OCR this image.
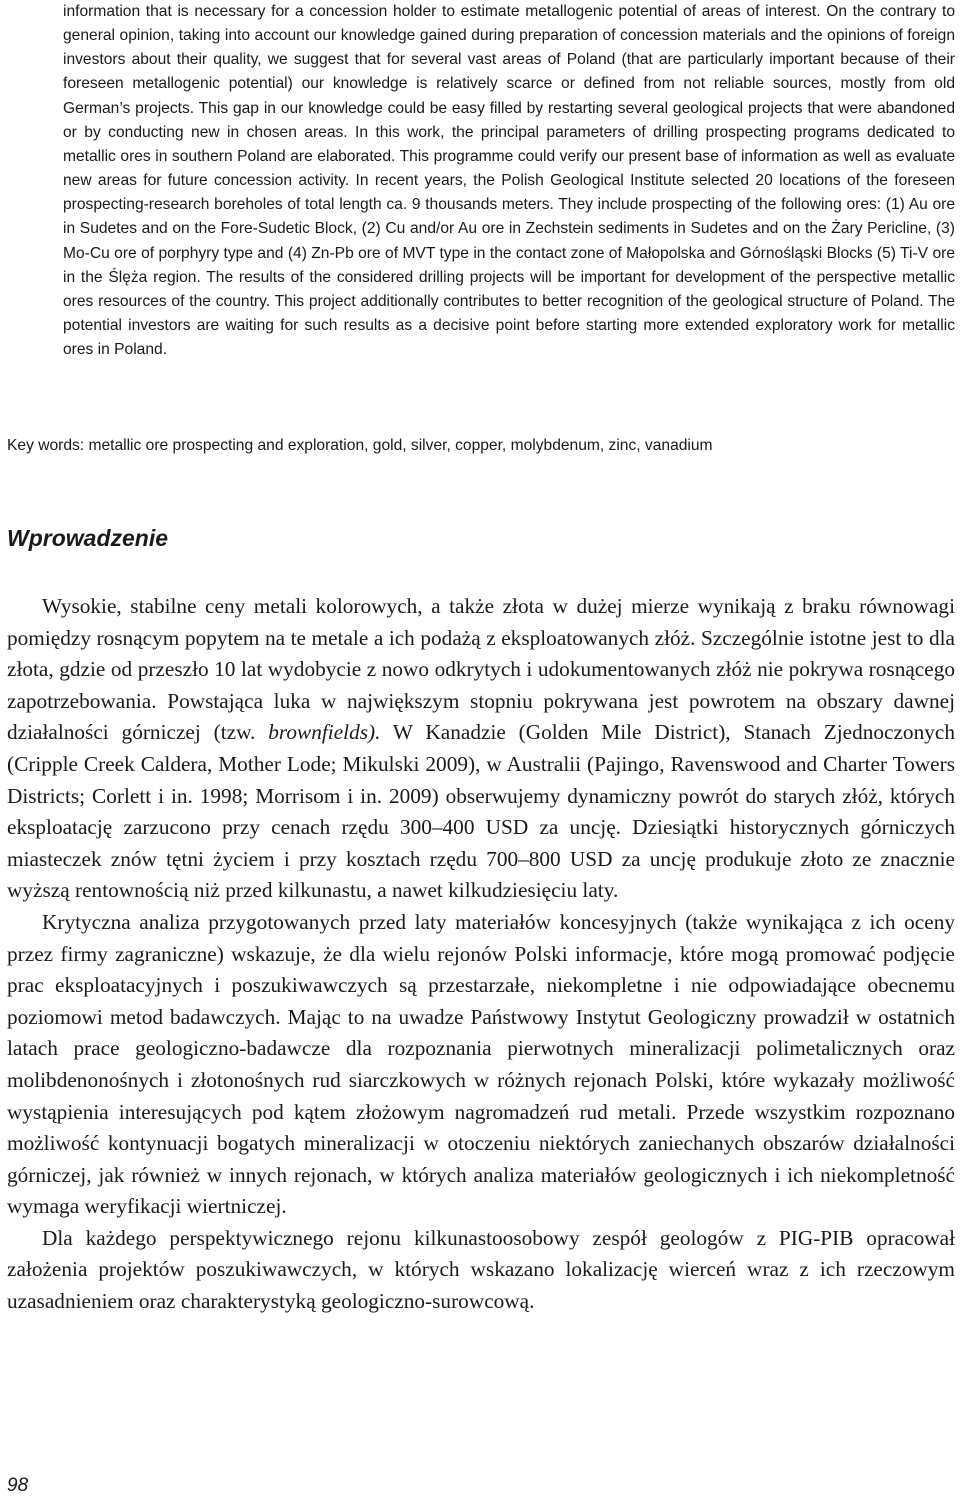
information that is necessary for a concession holder to estimate metallogenic potential of areas of interest. On the contrary to general opinion, taking into account our knowledge gained during preparation of concession materials and the opinions of foreign investors about their quality, we suggest that for several vast areas of Poland (that are particularly important because of their foreseen metallogenic potential) our knowledge is relatively scarce or defined from not reliable sources, mostly from old German’s projects. This gap in our knowledge could be easy filled by restarting several geological projects that were abandoned or by conducting new in chosen areas. In this work, the principal parameters of drilling prospecting programs dedicated to metallic ores in southern Poland are elaborated. This programme could verify our present base of information as well as evaluate new areas for future concession activity. In recent years, the Polish Geological Institute selected 20 locations of the foreseen prospecting-research boreholes of total length ca. 9 thousands meters. They include prospecting of the following ores: (1) Au ore in Sudetes and on the Fore-Sudetic Block, (2) Cu and/or Au ore in Zechstein sediments in Sudetes and on the Żary Pericline, (3) Mo-Cu ore of porphyry type and (4) Zn-Pb ore of MVT type in the contact zone of Małopolska and Górnośląski Blocks (5) Ti-V ore in the Ślęża region. The results of the considered drilling projects will be important for development of the perspective metallic ores resources of the country. This project additionally contributes to better recognition of the geological structure of Poland. The potential investors are waiting for such results as a decisive point before starting more extended exploratory work for metallic ores in Poland.

Key words: metallic ore prospecting and exploration, gold, silver, copper, molybdenum, zinc, vanadium

Wprowadzenie

Wysokie, stabilne ceny metali kolorowych, a także złota w dużej mierze wynikają z braku równowagi pomiędzy rosnącym popytem na te metale a ich podażą z eksploatowanych złóż. Szczególnie istotne jest to dla złota, gdzie od przeszło 10 lat wydobycie z nowo odkrytych i udokumentowanych złóż nie pokrywa rosnącego zapotrzebowania. Powstająca luka w największym stopniu pokrywana jest powrotem na obszary dawnej działalności górniczej (tzw. brownfields). W Kanadzie (Golden Mile District), Stanach Zjednoczonych (Cripple Creek Caldera, Mother Lode; Mikulski 2009), w Australii (Pajingo, Ravenswood and Charter Towers Districts; Corlett i in. 1998; Morrisom i in. 2009) obserwujemy dynamiczny powrót do starych złóż, których eksploatację zarzucono przy cenach rzędu 300–400 USD za uncję. Dziesiątki historycznych górniczych miasteczek znów tętni życiem i przy kosztach rzędu 700–800 USD za uncję produkuje złoto ze znacznie wyższą rentownością niż przed kilkunastu, a nawet kilkudziesięciu laty.

Krytyczna analiza przygotowanych przed laty materiałów koncesyjnych (także wynikająca z ich oceny przez firmy zagraniczne) wskazuje, że dla wielu rejonów Polski informacje, które mogą promować podjęcie prac eksploatacyjnych i poszukiwawczych są przestarzałe, niekompletne i nie odpowiadające obecnemu poziomowi metod badawczych. Mając to na uwadze Państwowy Instytut Geologiczny prowadził w ostatnich latach prace geologiczno-badawcze dla rozpoznania pierwotnych mineralizacji polimetalicznych oraz molibdenonośnych i złotonośnych rud siarczkowych w różnych rejonach Polski, które wykazały możliwość wystąpienia interesujących pod kątem złożowym nagromadzeń rud metali. Przede wszystkim rozpoznano możliwość kontynuacji bogatych mineralizacji w otoczeniu niektórych zaniechanych obszarów działalności górniczej, jak również w innych rejonach, w których analiza materiałów geologicznych i ich niekompletność wymaga weryfikacji wiertniczej.

Dla każdego perspektywicznego rejonu kilkunastoosobowy zespół geologów z PIG-PIB opracował założenia projektów poszukiwawczych, w których wskazano lokalizację wierceń wraz z ich rzeczowym uzasadnieniem oraz charakterystyką geologiczno-surowcową.

98
